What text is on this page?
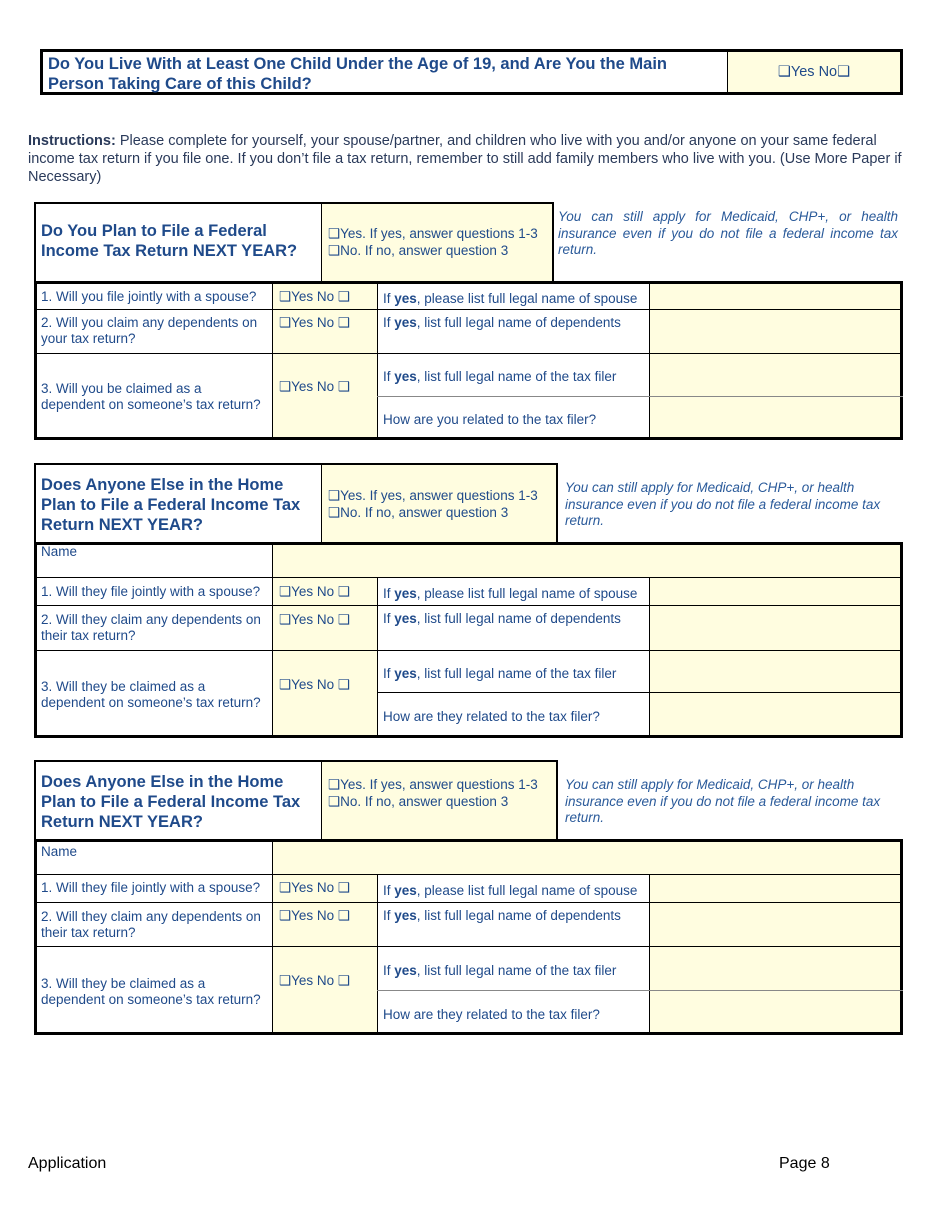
Do You Live With at Least One Child Under the Age of 19, and Are You the Main Person Taking Care of this Child?
❑Yes No❑
Instructions: Please complete for yourself, your spouse/partner, and children who live with you and/or anyone on your same federal income tax return if you file one. If you don’t file a tax return, remember to still add family members who live with you. (Use More Paper if Necessary)
Do You Plan to File a Federal Income Tax Return NEXT YEAR?
❑Yes. If yes, answer questions 1-3
❑No. If no, answer question 3
You can still apply for Medicaid, CHP+, or health insurance even if you do not file a federal income tax return.
1. Will you file jointly with a spouse? ❑Yes No ❑ If yes, please list full legal name of spouse
2. Will you claim any dependents on your tax return?
❑Yes No ❑ If yes, list full legal name of dependents
3. Will you be claimed as a dependent on someone’s tax return?
❑Yes No ❑
If yes, list full legal name of the tax filer
How are you related to the tax filer?
Does Anyone Else in the Home Plan to File a Federal Income Tax Return NEXT YEAR?
❑Yes. If yes, answer questions 1-3
❑No. If no, answer question 3
You can still apply for Medicaid, CHP+, or health insurance even if you do not file a federal income tax return.
Name
1. Will they file jointly with a spouse? ❑Yes No ❑ If yes, please list full legal name of spouse
2. Will they claim any dependents on their tax return?
❑Yes No ❑ If yes, list full legal name of dependents
3. Will they be claimed as a dependent on someone’s tax return?
❑Yes No ❑
If yes, list full legal name of the tax filer
How are they related to the tax filer?
Does Anyone Else in the Home Plan to File a Federal Income Tax Return NEXT YEAR?
❑Yes. If yes, answer questions 1-3
❑No. If no, answer question 3
You can still apply for Medicaid, CHP+, or health insurance even if you do not file a federal income tax return.
Name
1. Will they file jointly with a spouse? ❑Yes No ❑ If yes, please list full legal name of spouse
2. Will they claim any dependents on their tax return?
❑Yes No ❑ If yes, list full legal name of dependents
3. Will they be claimed as a dependent on someone’s tax return?
❑Yes No ❑
If yes, list full legal name of the tax filer
How are they related to the tax filer?
Application	Page 8
